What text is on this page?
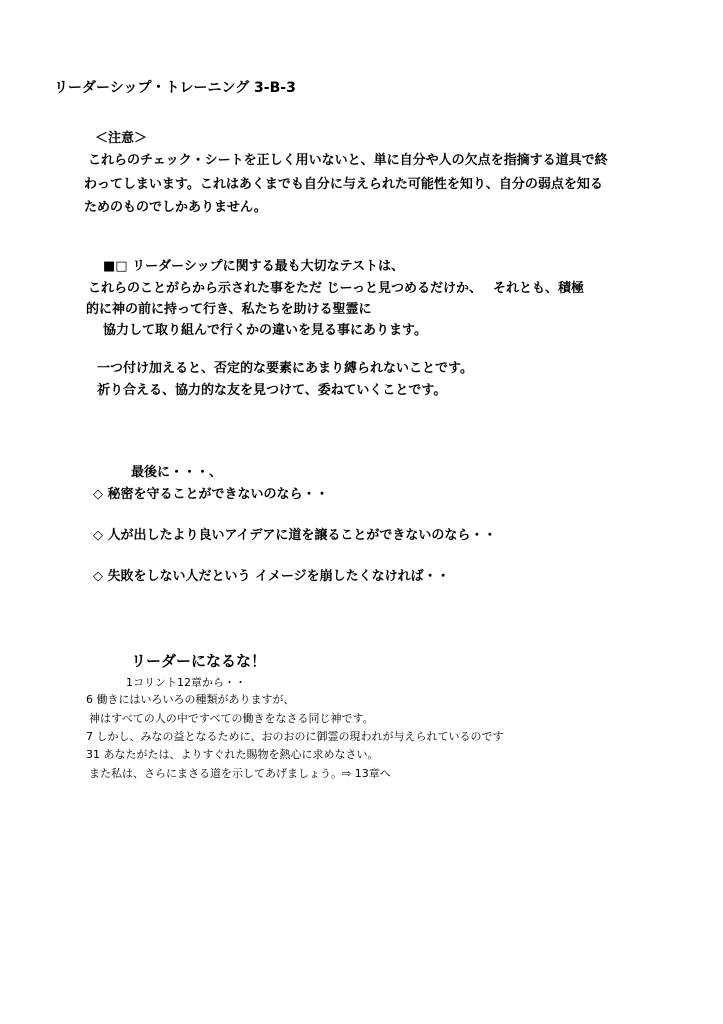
リーダーシップ・トレーニング 3-B-3
＜注意＞
これらのチェック・シートを正しく用いないと、単に自分や人の欠点を指摘する道具で終
わってしまいます。これはあくまでも自分に与えられた可能性を知り、自分の弱点を知る
ためのものでしかありません。
■□ リーダーシップに関する最も大切なテストは、
これらのことがらから示された事をただ じーっと見つめるだけか、　 それとも、積極
的に神の前に持って行き、私たちを助ける聖霊に
協力して取り組んで行くかの違いを見る事にあります。
一つ付け加えると、否定的な要素にあまり縛られないことです。
祈り合える、協力的な友を見つけて、委ねていくことです。
最後に・・・、
◇ 秘密を守ることができないのなら・・
◇ 人が出したより良いアイデアに道を譲ることができないのなら・・
◇ 失敗をしない人だという イメージを崩したくなければ・・
リーダーになるな！
1コリント12章から・・
6 働きにはいろいろの種類がありますが、
神はすべての人の中ですべての働きをなさる同じ神です。
7 しかし、みなの益となるために、おのおのに御霊の現われが与えられているのです
31 あなたがたは、よりすぐれた賜物を熱心に求めなさい。
また私は、さらにまさる道を示してあげましょう。⇨ 13章へ
